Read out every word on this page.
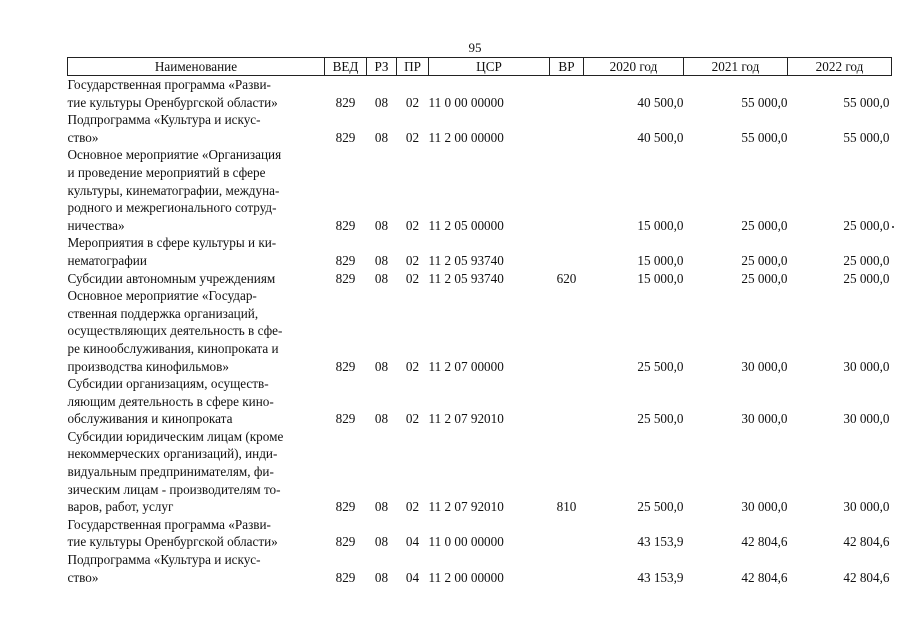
95
Наименование	ВЕД	РЗ	ПР	ЦСР	ВР	2020 год	2021 год	2022 год

Государственная программа «Разви-
тие культуры Оренбургской области»	829	08	02	11 0 00 00000		40 500,0	55 000,0	55 000,0

Подпрограмма «Культура и искус-
ство»	829	08	02	11 2 00 00000		40 500,0	55 000,0	55 000,0

Основное мероприятие «Организация
и проведение мероприятий в сфере
культуры, кинематографии, междуна-
родного и межрегионального сотруд-
ничества»	829	08	02	11 2 05 00000		15 000,0	25 000,0	25 000,0

Мероприятия в сфере культуры и ки-
нематографии	829	08	02	11 2 05 93740		15 000,0	25 000,0	25 000,0

Субсидии автономным учреждениям	829	08	02	11 2 05 93740	620	15 000,0	25 000,0	25 000,0

Основное мероприятие «Государ-
ственная поддержка организаций,
осуществляющих деятельность в сфе-
ре кинообслуживания, кинопроката и
производства кинофильмов»	829	08	02	11 2 07 00000		25 500,0	30 000,0	30 000,0

Субсидии организациям, осуществ-
ляющим деятельность в сфере кино-
обслуживания и кинопроката	829	08	02	11 2 07 92010		25 500,0	30 000,0	30 000,0

Субсидии юридическим лицам (кроме
некоммерческих организаций), инди-
видуальным предпринимателям, фи-
зическим лицам - производителям то-
варов, работ, услуг	829	08	02	11 2 07 92010	810	25 500,0	30 000,0	30 000,0

Государственная программа «Разви-
тие культуры Оренбургской области»	829	08	04	11 0 00 00000		43 153,9	42 804,6	42 804,6

Подпрограмма «Культура и искус-
ство»	829	08	04	11 2 00 00000		43 153,9	42 804,6	42 804,6
